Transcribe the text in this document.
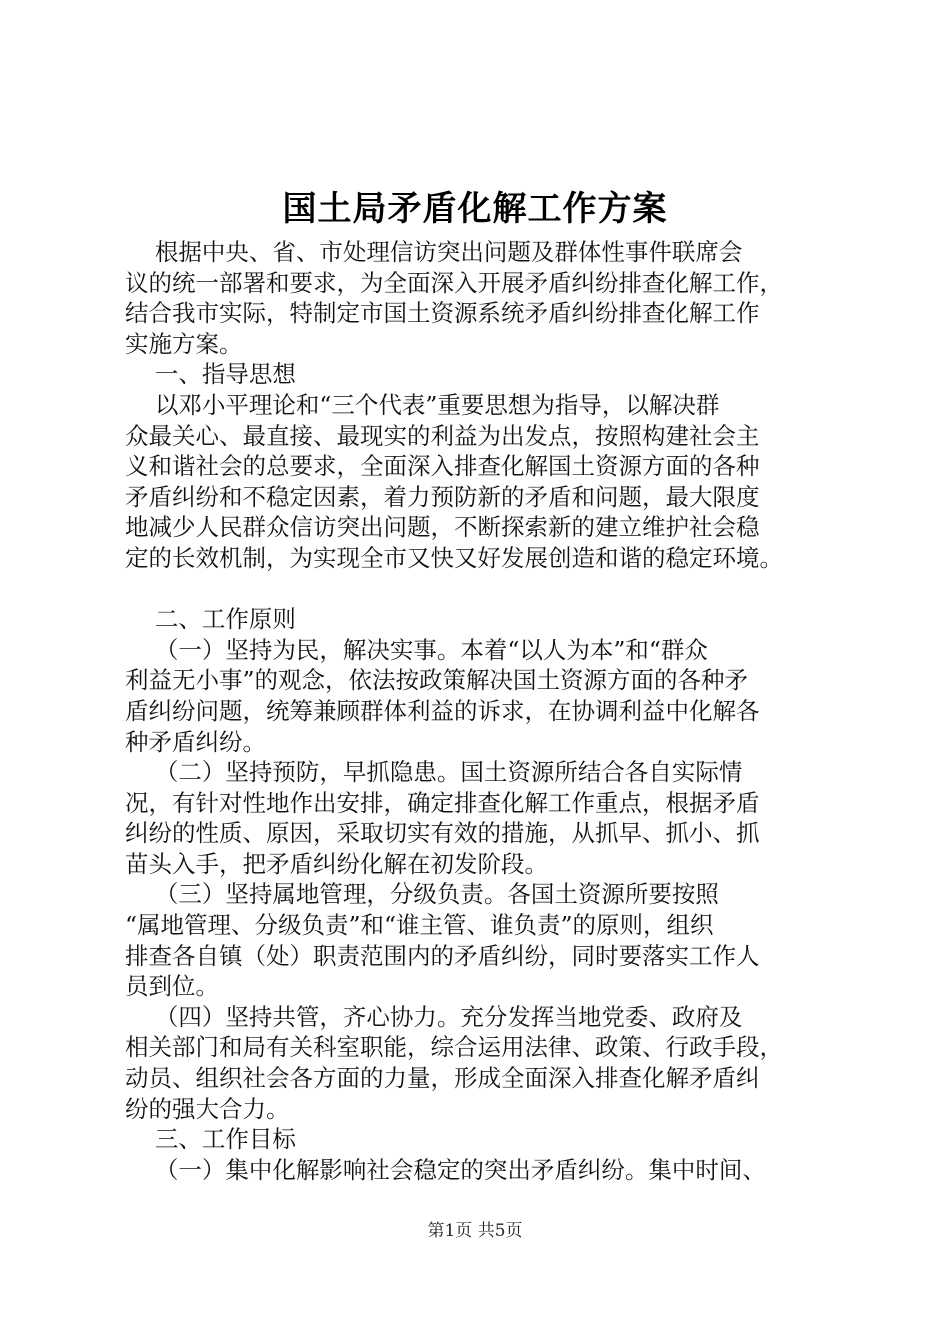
国土局矛盾化解工作方案
根据中央、省、市处理信访突出问题及群体性事件联席会
议的统一部署和要求，为全面深入开展矛盾纠纷排查化解工作，
结合我市实际，特制定市国土资源系统矛盾纠纷排查化解工作
实施方案。
一、指导思想
以邓小平理论和“三个代表”重要思想为指导，以解决群
众最关心、最直接、最现实的利益为出发点，按照构建社会主
义和谐社会的总要求，全面深入排查化解国土资源方面的各种
矛盾纠纷和不稳定因素，着力预防新的矛盾和问题，最大限度
地减少人民群众信访突出问题，不断探索新的建立维护社会稳
定的长效机制，为实现全市又快又好发展创造和谐的稳定环境。
二、工作原则
（一）坚持为民，解决实事。本着“以人为本”和“群众
利益无小事”的观念，依法按政策解决国土资源方面的各种矛
盾纠纷问题，统筹兼顾群体利益的诉求，在协调利益中化解各
种矛盾纠纷。
（二）坚持预防，早抓隐患。国土资源所结合各自实际情
况，有针对性地作出安排，确定排查化解工作重点，根据矛盾
纠纷的性质、原因，采取切实有效的措施，从抓早、抓小、抓
苗头入手，把矛盾纠纷化解在初发阶段。
（三）坚持属地管理，分级负责。各国土资源所要按照
“属地管理、分级负责”和“谁主管、谁负责”的原则，组织
排查各自镇（处）职责范围内的矛盾纠纷，同时要落实工作人
员到位。
（四）坚持共管，齐心协力。充分发挥当地党委、政府及
相关部门和局有关科室职能，综合运用法律、政策、行政手段，
动员、组织社会各方面的力量，形成全面深入排查化解矛盾纠
纷的强大合力。
三、工作目标
（一）集中化解影响社会稳定的突出矛盾纠纷。集中时间、
第1页 共5页
